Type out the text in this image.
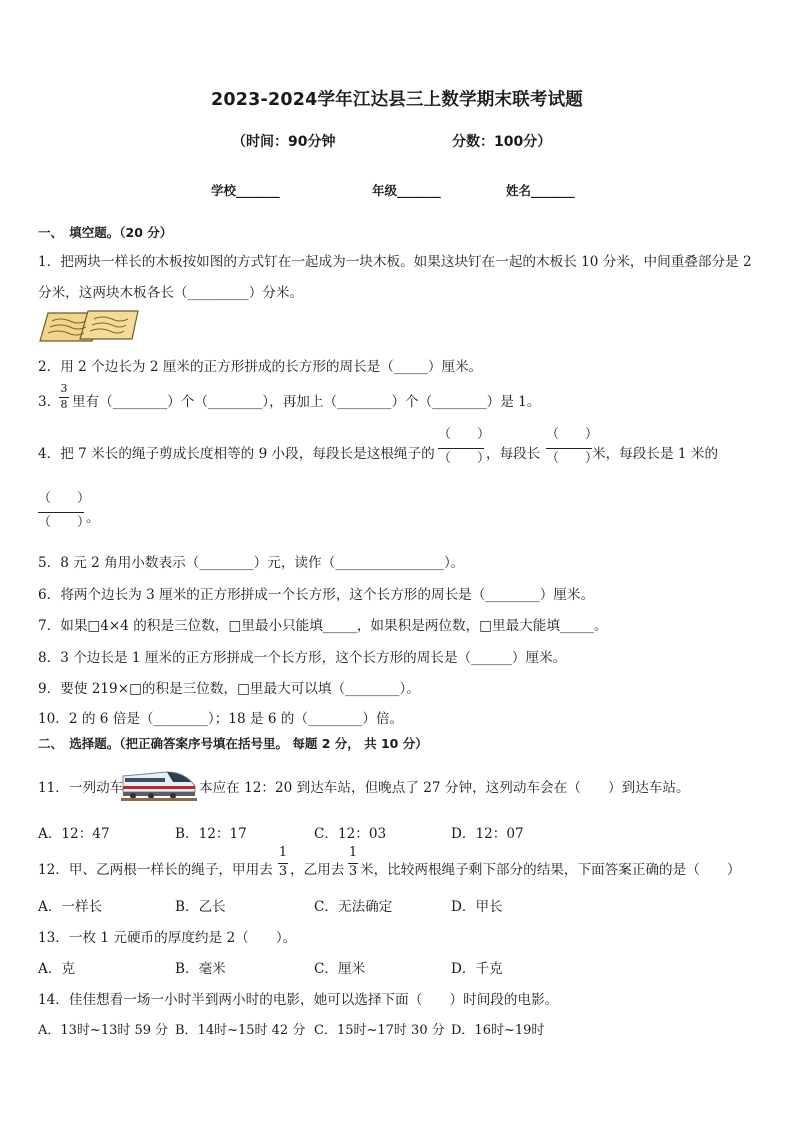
2023-2024学年江达县三上数学期末联考试题
（时间：90分钟	分数：100分）
学校_______	年级_______	姓名_______
一、　填空题。（20 分）
1．把两块一样长的木板按如图的方式钉在一起成为一块木板。如果这块钉在一起的木板长 10 分米，中间重叠部分是 2
分米，这两块木板各长（_________）分米。
2．用 2 个边长为 2 厘米的正方形拼成的长方形的周长是（_____）厘米。
3．
3
8 里有（________）个（________），再加上（________）个（________）是 1。
4．把 7 米长的绳子剪成长度相等的 9 小段，每段长是这根绳子的
（　　）
（　　）
，每段长
（　　）
（　　）
米，每段长是 1 米的
（　　）
（　　）
。
5．8 元 2 角用小数表示（________）元，读作（________________）。
6．将两个边长为 3 厘米的正方形拼成一个长方形，这个长方形的周长是（________）厘米。
7．如果□4×4 的积是三位数，□里最小只能填_____，如果积是两位数，□里最大能填_____。
8．3 个边长是 1 厘米的正方形拼成一个长方形，这个长方形的周长是（______）厘米。
9．要使 219×□的积是三位数，□里最大可以填（________）。
10．2 的 6 倍是（________）；18 是 6 的（________）倍。
二、　选择题。（把正确答案序号填在括号里。 每题 2 分， 共 10 分）
11．一列动车	本应在 12：20 到达车站，但晚点了 27 分钟，这列动车会在（　　）到达车站。
A．12：47	B．12：17	C．12：03	D．12：07
12．甲、乙两根一样长的绳子，甲用去
1
3 ，乙用去
1
3 米，比较两根绳子剩下部分的结果，下面答案正确的是（　　）
A．一样长	B．乙长	C．无法确定	D．甲长
13．一枚 1 元硬币的厚度约是 2（　　）。
A．克	B．毫米	C．厘米	D．千克
14．佳佳想看一场一小时半到两小时的电影，她可以选择下面（　　）时间段的电影。
A．13时~13时 59 分 B．14时~15时 42 分 C．15时~17时 30 分 D．16时~19时
